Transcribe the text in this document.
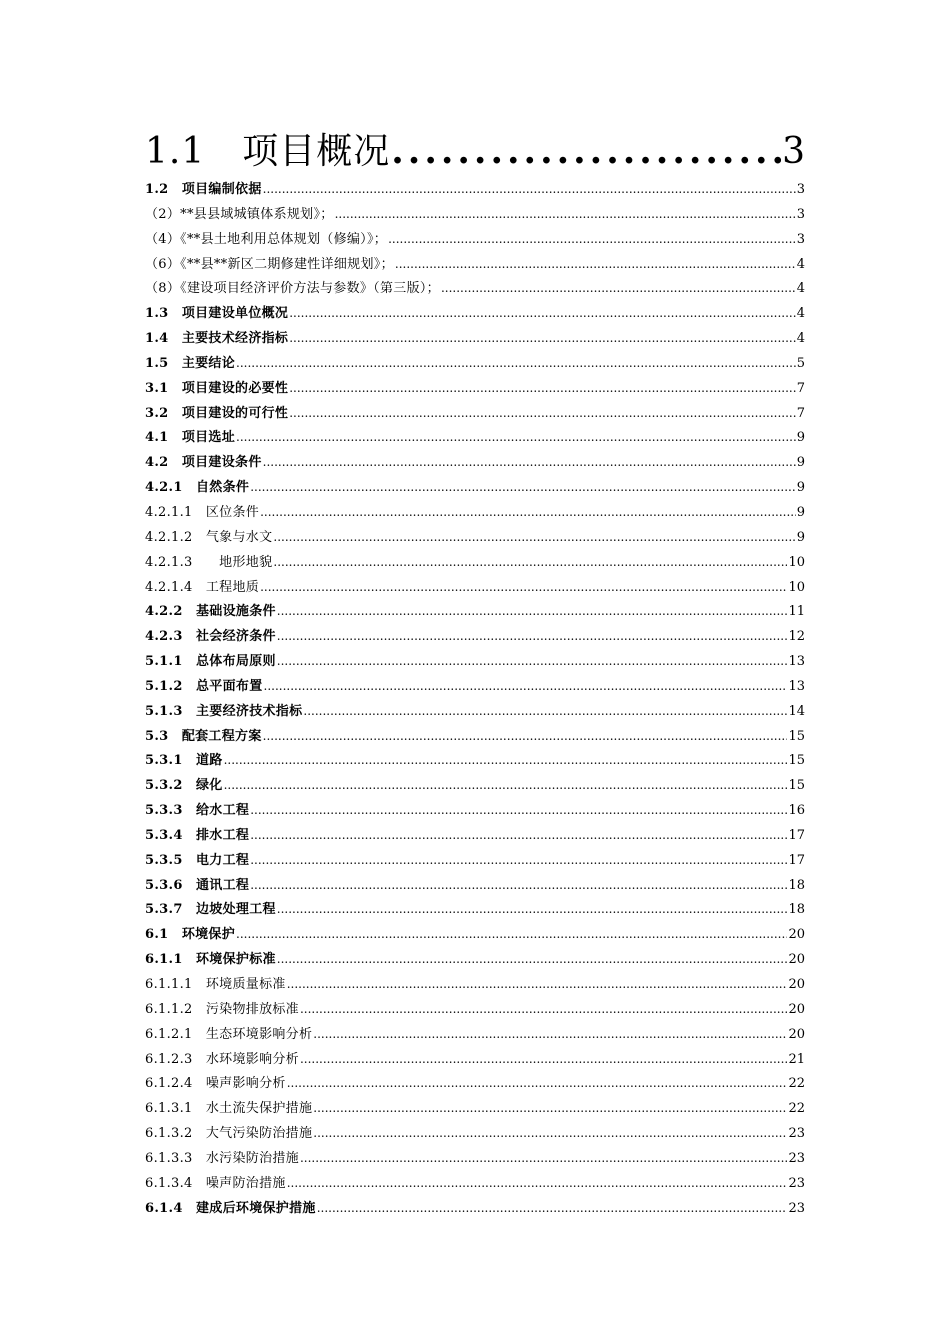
1.1　项目概况 .....	3
1.2　项目编制依据 .....	3
（2）**县县域城镇体系规划》； .....	3
（4）《**县土地利用总体规划（修编）》； .....	3
（6）《**县**新区二期修建性详细规划》； .....	4
（8）《建设项目经济评价方法与参数》（第三版）； .....	4
1.3　项目建设单位概况 .....	4
1.4　主要技术经济指标 .....	4
1.5　主要结论 .....	5
3.1　项目建设的必要性 .....	7
3.2　项目建设的可行性 .....	7
4.1　项目选址 .....	9
4.2　项目建设条件 .....	9
4.2.1　自然条件 .....	9
4.2.1.1　区位条件 .....	9
4.2.1.2　气象与水文 .....	9
4.2.1.3　　地形地貌 .....	10
4.2.1.4　工程地质 .....	10
4.2.2　基础设施条件 .....	11
4.2.3　社会经济条件 .....	12
5.1.1　总体布局原则 .....	13
5.1.2　总平面布置 .....	13
5.1.3　主要经济技术指标 .....	14
5.3　配套工程方案 .....	15
5.3.1　道路 .....	15
5.3.2　绿化 .....	15
5.3.3　给水工程 .....	16
5.3.4　排水工程 .....	17
5.3.5　电力工程 .....	17
5.3.6　通讯工程 .....	18
5.3.7　边坡处理工程 .....	18
6.1　环境保护 .....	20
6.1.1　环境保护标准 .....	20
6.1.1.1　环境质量标准 .....	20
6.1.1.2　污染物排放标准 .....	20
6.1.2.1　生态环境影响分析 .....	20
6.1.2.3　水环境影响分析 .....	21
6.1.2.4　噪声影响分析 .....	22
6.1.3.1　水土流失保护措施 .....	22
6.1.3.2　大气污染防治措施 .....	23
6.1.3.3　水污染防治措施 .....	23
6.1.3.4　噪声防治措施 .....	23
6.1.4　建成后环境保护措施 .....	23
